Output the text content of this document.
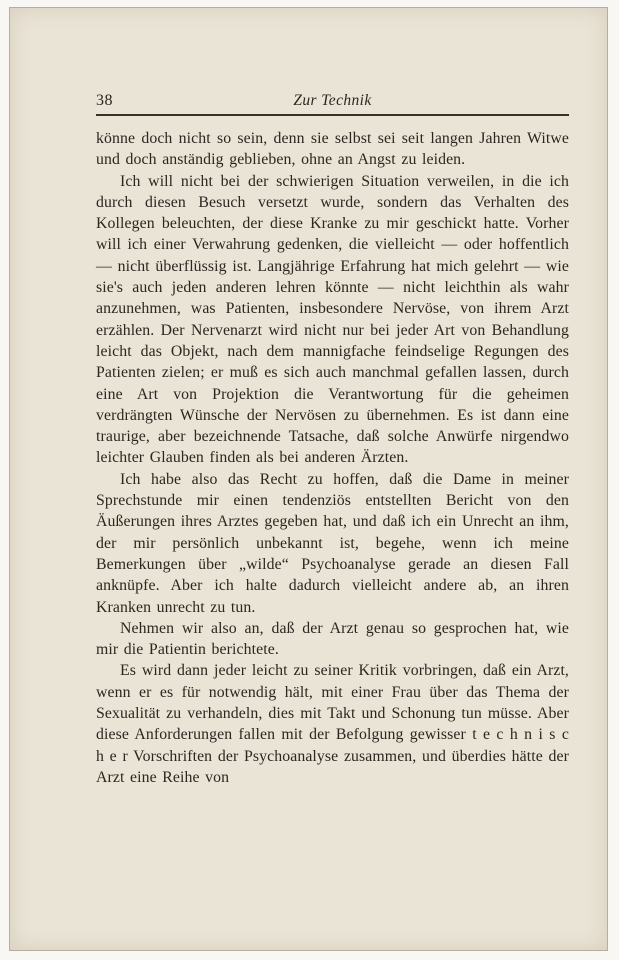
38	Zur Technik

könne doch nicht so sein, denn sie selbst sei seit langen Jahren Witwe und doch anständig geblieben, ohne an Angst zu leiden.

Ich will nicht bei der schwierigen Situation verweilen, in die ich durch diesen Besuch versetzt wurde, sondern das Verhalten des Kollegen beleuchten, der diese Kranke zu mir geschickt hatte. Vorher will ich einer Verwahrung gedenken, die vielleicht — oder hoffentlich — nicht überflüssig ist. Langjährige Erfahrung hat mich gelehrt — wie sie's auch jeden anderen lehren könnte — nicht leichthin als wahr anzunehmen, was Patienten, insbesondere Nervöse, von ihrem Arzt erzählen. Der Nervenarzt wird nicht nur bei jeder Art von Behandlung leicht das Objekt, nach dem mannigfache feindselige Regungen des Patienten zielen; er muß es sich auch manchmal gefallen lassen, durch eine Art von Projektion die Verantwortung für die geheimen verdrängten Wünsche der Nervösen zu übernehmen. Es ist dann eine traurige, aber bezeichnende Tatsache, daß solche Anwürfe nirgendwo leichter Glauben finden als bei anderen Ärzten.

Ich habe also das Recht zu hoffen, daß die Dame in meiner Sprechstunde mir einen tendenziös entstellten Bericht von den Äußerungen ihres Arztes gegeben hat, und daß ich ein Unrecht an ihm, der mir persönlich unbekannt ist, begehe, wenn ich meine Bemerkungen über „wilde“ Psychoanalyse gerade an diesen Fall anknüpfe. Aber ich halte dadurch vielleicht andere ab, an ihren Kranken unrecht zu tun.

Nehmen wir also an, daß der Arzt genau so gesprochen hat, wie mir die Patientin berichtete.

Es wird dann jeder leicht zu seiner Kritik vorbringen, daß ein Arzt, wenn er es für notwendig hält, mit einer Frau über das Thema der Sexualität zu verhandeln, dies mit Takt und Schonung tun müsse. Aber diese Anforderungen fallen mit der Befolgung gewisser t e c h n i s c h e r Vorschriften der Psychoanalyse zusammen, und überdies hätte der Arzt eine Reihe von
